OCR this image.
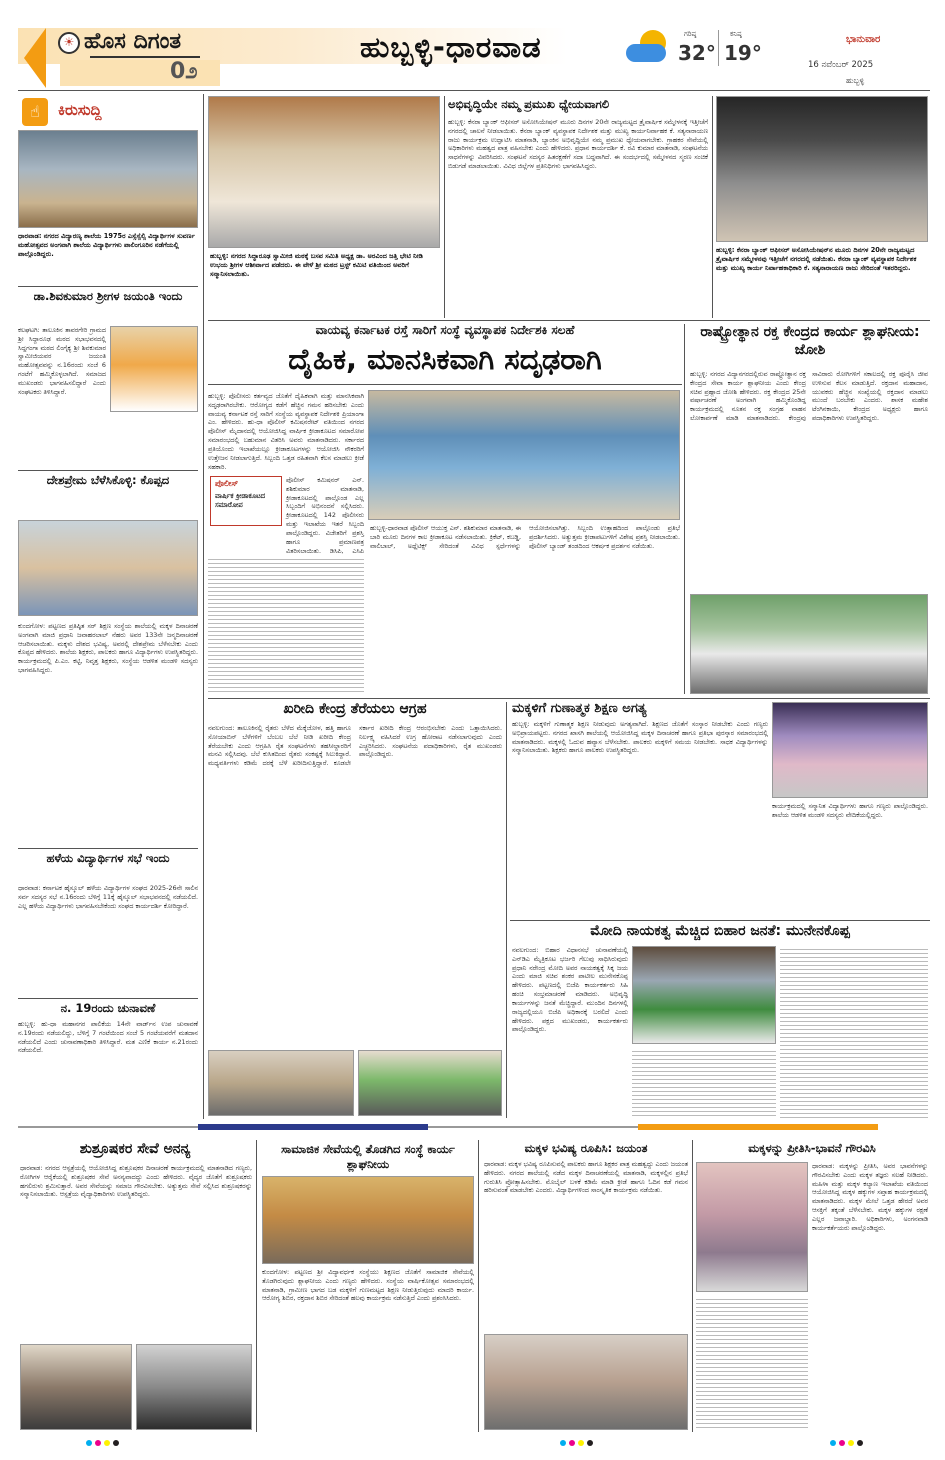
☀ ಹೊಸ ದಿಗಂತ
0೨
ಹುಬ್ಬಳ್ಳಿ-ಧಾರವಾಡ	ಗರಿಷ್ಠ
32°
ಕನಿಷ್ಠ
19°
ಭಾನುವಾರ
16 ನವೆಂಬರ್ 2025
ಹುಬ್ಬಳ್ಳಿ
☝	ಕಿರುಸುದ್ದಿ
ಧಾರವಾಡ: ನಗರದ ವಿದ್ಯಾರಣ್ಯ ಶಾಲೆಯ 1975ರ ಎಸ್ಸೆಸ್ಸೆಲ್ಸಿ ವಿದ್ಯಾರ್ಥಿಗಳ ಸುವರ್ಣ ಮಹೋತ್ಸವದ ಅಂಗವಾಗಿ ಶಾಲೆಯ ವಿದ್ಯಾರ್ಥಿಗಳು ಪಾಲಿಂಗೂರಿನ ನಡೆಗೆಯಲ್ಲಿ ಪಾಲ್ಗೊಂಡಿದ್ದರು.
ಡಾ.ಶಿವಕುಮಾರ ಶ್ರೀಗಳ ಜಯಂತಿ ಇಂದು
ಕಲಘಟಗಿ: ತಾಲೂಕಿನ ತಾವರಗೇರಿ ಗ್ರಾಮದ ಶ್ರೀ ಸಿದ್ದಾರೂಢ ಮಠದ ಸಭಾಭವನದಲ್ಲಿ ಸಿದ್ದಗಂಗಾ ಮಠದ ಲಿಂಗೈಕ್ಯ ಶ್ರೀ ಶಿವಕುಮಾರ ಸ್ವಾಮೀಜಿಯವರ ಜಯಂತಿ ಮಹೋತ್ಸವವನ್ನು ನ.16ರಂದು ಸಂಜೆ 6 ಗಂಟೆಗೆ ಹಮ್ಮಿಕೊಳ್ಳಲಾಗಿದೆ. ಸಮಾಜದ ಮುಖಂಡರು ಭಾಗವಹಿಸಲಿದ್ದಾರೆ ಎಂದು ಸಂಘಟಕರು ತಿಳಿಸಿದ್ದಾರೆ.
ದೇಶಪ್ರೇಮ ಬೆಳೆಸಿಕೊಳ್ಳಿ: ಕೊಪ್ಪದ
ಕುಂದಗೋಳ: ಪಟ್ಟಣದ ಪ್ರತಿಷ್ಠಿತ ಸರ್ ಶಿಕ್ಷಣ ಸಂಸ್ಥೆಯ ಶಾಲೆಯಲ್ಲಿ ಮಕ್ಕಳ ದಿನಾಚರಣೆ ಅಂಗವಾಗಿ ಮಾಜಿ ಪ್ರಧಾನಿ ಜವಾಹರಲಾಲ್ ನೆಹರು ಅವರ 133ನೇ ಜನ್ಮದಿನಾಚರಣೆ ಆಚರಿಸಲಾಯಿತು. ಮಕ್ಕಳು ದೇಶದ ಭವಿಷ್ಯ, ಅವರಲ್ಲಿ ದೇಶಪ್ರೇಮ ಬೆಳೆಸಬೇಕು ಎಂದು ಕೊಪ್ಪದ ಹೇಳಿದರು. ಶಾಲೆಯ ಶಿಕ್ಷಕರು, ಪಾಲಕರು ಹಾಗೂ ವಿದ್ಯಾರ್ಥಿಗಳು ಉಪಸ್ಥಿತರಿದ್ದರು. ಕಾರ್ಯಕ್ರಮದಲ್ಲಿ ಪಿ.ಎಂ. ಕಟ್ಟಿ, ನಿವೃತ್ತ ಶಿಕ್ಷಕರು, ಸಂಸ್ಥೆಯ ಆಡಳಿತ ಮಂಡಳಿ ಸದಸ್ಯರು ಭಾಗವಹಿಸಿದ್ದರು.
ಹಳೆಯ ವಿದ್ಯಾರ್ಥಿಗಳ ಸಭೆ ಇಂದು
ಧಾರವಾಡ: ಕರ್ನಾಟಕ ಹೈಸ್ಕೂಲ್ ಹಳೆಯ ವಿದ್ಯಾರ್ಥಿಗಳ ಸಂಘದ 2025-26ನೇ ಸಾಲಿನ ಸರ್ವ ಸದಸ್ಯರ ಸಭೆ ನ.16ರಂದು ಬೆಳಿಗ್ಗೆ 11ಕ್ಕೆ ಹೈಸ್ಕೂಲ್ ಸಭಾಭವನದಲ್ಲಿ ನಡೆಯಲಿದೆ. ಎಲ್ಲ ಹಳೆಯ ವಿದ್ಯಾರ್ಥಿಗಳು ಭಾಗವಹಿಸಬೇಕೆಂದು ಸಂಘದ ಕಾರ್ಯದರ್ಶಿ ಕೋರಿದ್ದಾರೆ.
ನ. 19ರಂದು ಚುನಾವಣೆ
ಹುಬ್ಬಳ್ಳಿ: ಹು-ಧಾ ಮಹಾನಗರ ಪಾಲಿಕೆಯ 14ನೇ ವಾರ್ಡ್‌ನ ಉಪ ಚುನಾವಣೆ ನ.19ರಂದು ನಡೆಯಲಿದ್ದು, ಬೆಳಿಗ್ಗೆ 7 ಗಂಟೆಯಿಂದ ಸಂಜೆ 5 ಗಂಟೆಯವರೆಗೆ ಮತದಾನ ನಡೆಯಲಿದೆ ಎಂದು ಚುನಾವಣಾಧಿಕಾರಿ ತಿಳಿಸಿದ್ದಾರೆ. ಮತ ಎಣಿಕೆ ಕಾರ್ಯ ನ.21ರಂದು ನಡೆಯಲಿದೆ.
ಹುಬ್ಬಳ್ಳಿ: ನಗರದ ಸಿದ್ಧಾರೂಢ ಸ್ವಾಮೀಜಿ ಮಠಕ್ಕೆ ಬಸವ ಸಮಿತಿ ಅಧ್ಯಕ್ಷ ಡಾ. ಅರವಿಂದ ಜತ್ತಿ ಭೇಟಿ ನೀಡಿ ಉಭಯ ಶ್ರೀಗಳ ಆಶೀರ್ವಾದ ಪಡೆದರು. ಈ ವೇಳೆ ಶ್ರೀ ಮಠದ ಟ್ರಸ್ಟ್ ಕಮಿಟಿ ವತಿಯಿಂದ ಅವರಿಗೆ ಸನ್ಮಾನಿಸಲಾಯಿತು.
ಅಭಿವೃದ್ಧಿಯೇ ನಮ್ಮ ಪ್ರಮುಖ ಧ್ಯೇಯವಾಗಲಿ
ಹುಬ್ಬಳ್ಳಿ: ಕೆನರಾ ಬ್ಯಾಂಕ್ ಆಫೀಸರ್ ಅಸೋಸಿಯೇಷನ್ ಮೂರು ದಿನಗಳ 20ನೇ ರಾಜ್ಯಮಟ್ಟದ ತ್ರೈವಾರ್ಷಿಕ ಸಮ್ಮೇಳನಕ್ಕೆ ಇತ್ತೀಚೆಗೆ ನಗರದಲ್ಲಿ ಚಾಲನೆ ನೀಡಲಾಯಿತು. ಕೆನರಾ ಬ್ಯಾಂಕ್ ವ್ಯವಸ್ಥಾಪಕ ನಿರ್ದೇಶಕ ಮತ್ತು ಮುಖ್ಯ ಕಾರ್ಯನಿರ್ವಾಹಕ ಕೆ. ಸತ್ಯನಾರಾಯಣ ರಾಜು ಕಾರ್ಯಕ್ರಮ ಉದ್ಘಾಟಿಸಿ ಮಾತನಾಡಿ, ಬ್ಯಾಂಕಿನ ಅಭಿವೃದ್ಧಿಯೇ ನಮ್ಮ ಪ್ರಮುಖ ಧ್ಯೇಯವಾಗಬೇಕು. ಗ್ರಾಹಕರ ಸೇವೆಯಲ್ಲಿ ಅಧಿಕಾರಿಗಳು ಮಹತ್ವದ ಪಾತ್ರ ವಹಿಸಬೇಕು ಎಂದು ಹೇಳಿದರು. ಪ್ರಧಾನ ಕಾರ್ಯದರ್ಶಿ ಕೆ. ರವಿ ಕುಮಾರ ಮಾತನಾಡಿ, ಸಂಘಟನೆಯ ಸಾಧನೆಗಳನ್ನು ವಿವರಿಸಿದರು. ಸಂಘಟನೆ ಸದಸ್ಯರ ಹಿತರಕ್ಷಣೆಗೆ ಸದಾ ಬದ್ಧವಾಗಿದೆ. ಈ ಸಂದರ್ಭದಲ್ಲಿ ಸಮ್ಮೇಳನದ ಸ್ಮರಣ ಸಂಚಿಕೆ ಬಿಡುಗಡೆ ಮಾಡಲಾಯಿತು. ವಿವಿಧ ಜಿಲ್ಲೆಗಳ ಪ್ರತಿನಿಧಿಗಳು ಭಾಗವಹಿಸಿದ್ದರು.
ಹುಬ್ಬಳ್ಳಿ: ಕೆನರಾ ಬ್ಯಾಂಕ್ ಆಫೀಸರ್ ಅಸೋಸಿಯೇಷನ್‌ನ ಮೂರು ದಿನಗಳ 20ನೇ ರಾಜ್ಯಮಟ್ಟದ ತ್ರೈವಾರ್ಷಿಕ ಸಮ್ಮೇಳನವು ಇತ್ತೀಚೆಗೆ ನಗರದಲ್ಲಿ ನಡೆಯಿತು. ಕೆನರಾ ಬ್ಯಾಂಕ್ ವ್ಯವಸ್ಥಾಪಕ ನಿರ್ದೇಶಕ ಮತ್ತು ಮುಖ್ಯ ಕಾರ್ಯ ನಿರ್ವಾಹಕಾಧಿಕಾರಿ ಕೆ. ಸತ್ಯನಾರಾಯಣ ರಾಜು ಸೇರಿದಂತೆ ಇತರರಿದ್ದರು.
ವಾಯವ್ಯ ಕರ್ನಾಟಕ ರಸ್ತೆ ಸಾರಿಗೆ ಸಂಸ್ಥೆ ವ್ಯವಸ್ಥಾಪಕ ನಿರ್ದೇಶಕಿ ಸಲಹೆ
ದೈಹಿಕ, ಮಾನಸಿಕವಾಗಿ ಸದೃಢರಾಗಿ
ಹುಬ್ಬಳ್ಳಿ: ಪೊಲೀಸರು ಕರ್ತವ್ಯದ ಜೊತೆಗೆ ದೈಹಿಕವಾಗಿ ಮತ್ತು ಮಾನಸಿಕವಾಗಿ ಸದೃಢರಾಗಿರಬೇಕು. ಆರೋಗ್ಯದ ಕಡೆಗೆ ಹೆಚ್ಚಿನ ಗಮನ ಹರಿಸಬೇಕು ಎಂದು ವಾಯವ್ಯ ಕರ್ನಾಟಕ ರಸ್ತೆ ಸಾರಿಗೆ ಸಂಸ್ಥೆಯ ವ್ಯವಸ್ಥಾಪಕ ನಿರ್ದೇಶಕಿ ಪ್ರಿಯಾಂಗಾ ಎಂ. ಹೇಳಿದರು. ಹು-ಧಾ ಪೊಲೀಸ್ ಕಮಿಷನರೇಟ್ ವತಿಯಿಂದ ನಗರದ ಪೊಲೀಸ್ ಮೈದಾನದಲ್ಲಿ ಆಯೋಜಿಸಿದ್ದ ವಾರ್ಷಿಕ ಕ್ರೀಡಾಕೂಟದ ಸಮಾರೋಪ ಸಮಾರಂಭದಲ್ಲಿ ಬಹುಮಾನ ವಿತರಿಸಿ ಅವರು ಮಾತನಾಡಿದರು. ಸರ್ಕಾರದ ಪ್ರತಿಯೊಂದು ಇಲಾಖೆಯಲ್ಲೂ ಕ್ರೀಡಾಕೂಟಗಳನ್ನು ಆಯೋಜಿಸಿ ನೌಕರರಿಗೆ ಉತ್ತೇಜನ ನೀಡಲಾಗುತ್ತಿದೆ. ಸಿಬ್ಬಂದಿ ಒತ್ತಡ ರಹಿತವಾಗಿ ಕೆಲಸ ಮಾಡಲು ಕ್ರೀಡೆ ಸಹಕಾರಿ.
ಪೊಲೀಸ್
ವಾರ್ಷಿಕ ಕ್ರೀಡಾಕೂಟದ ಸಮಾರೋಪ
ಪೊಲೀಸ್ ಕಮಿಷನರ್ ಎನ್. ಶಶಿಕುಮಾರ ಮಾತನಾಡಿ, ಕ್ರೀಡಾಕೂಟದಲ್ಲಿ ಪಾಲ್ಗೊಂಡ ಎಲ್ಲ ಸಿಬ್ಬಂದಿಗೆ ಅಭಿನಂದನೆ ಸಲ್ಲಿಸಿದರು. ಕ್ರೀಡಾಕೂಟದಲ್ಲಿ 142 ಪೊಲೀಸರು ಮತ್ತು ಇಲಾಖೆಯ ಇತರೆ ಸಿಬ್ಬಂದಿ ಪಾಲ್ಗೊಂಡಿದ್ದರು. ವಿಜೇತರಿಗೆ ಪ್ರಶಸ್ತಿ ಹಾಗೂ ಪ್ರಮಾಣಪತ್ರ ವಿತರಿಸಲಾಯಿತು. ಡಿಸಿಪಿ, ಎಸಿಪಿ
ಹುಬ್ಬಳ್ಳಿ-ಧಾರವಾಡ ಪೊಲೀಸ್ ಆಯುಕ್ತ ಎನ್. ಶಶಿಕುಮಾರ ಮಾತನಾಡಿ, ಈ ಬಾರಿ ಮೂರು ದಿನಗಳ ಕಾಲ ಕ್ರೀಡಾಕೂಟ ನಡೆಸಲಾಯಿತು. ಕ್ರಿಕೆಟ್, ಕಬಡ್ಡಿ, ವಾಲಿಬಾಲ್, ಅಥ್ಲೆಟಿಕ್ಸ್ ಸೇರಿದಂತೆ ವಿವಿಧ ಸ್ಪರ್ಧೆಗಳನ್ನು ಆಯೋಜಿಸಲಾಗಿತ್ತು. ಸಿಬ್ಬಂದಿ ಉತ್ಸಾಹದಿಂದ ಪಾಲ್ಗೊಂಡು ಪ್ರತಿಭೆ ಪ್ರದರ್ಶಿಸಿದರು. ಅತ್ಯುತ್ತಮ ಕ್ರೀಡಾಪಟುಗಳಿಗೆ ವಿಶೇಷ ಪ್ರಶಸ್ತಿ ನೀಡಲಾಯಿತು. ಪೊಲೀಸ್ ಬ್ಯಾಂಡ್ ತಂಡದಿಂದ ಆಕರ್ಷಕ ಪ್ರದರ್ಶನ ನಡೆಯಿತು.
ರಾಷ್ಟ್ರೋತ್ಥಾನ ರಕ್ತ ಕೇಂದ್ರದ ಕಾರ್ಯ ಶ್ಲಾಘನೀಯ: ಜೋಶಿ
ಹುಬ್ಬಳ್ಳಿ: ನಗರದ ವಿದ್ಯಾನಗರದಲ್ಲಿರುವ ರಾಷ್ಟ್ರೋತ್ಥಾನ ರಕ್ತ ಕೇಂದ್ರದ ಸೇವಾ ಕಾರ್ಯ ಶ್ಲಾಘನೀಯ ಎಂದು ಕೇಂದ್ರ ಸಚಿವ ಪ್ರಹ್ಲಾದ ಜೋಶಿ ಹೇಳಿದರು. ರಕ್ತ ಕೇಂದ್ರದ 25ನೇ ವರ್ಷಾಚರಣೆ ಅಂಗವಾಗಿ ಹಮ್ಮಿಕೊಂಡಿದ್ದ ಕಾರ್ಯಕ್ರಮದಲ್ಲಿ ನೂತನ ರಕ್ತ ಸಂಗ್ರಹ ವಾಹನ ಲೋಕಾರ್ಪಣೆ ಮಾಡಿ ಮಾತನಾಡಿದರು. ಕೇಂದ್ರವು ಸಾವಿರಾರು ರೋಗಿಗಳಿಗೆ ಸಕಾಲದಲ್ಲಿ ರಕ್ತ ಪೂರೈಸಿ ಜೀವ ಉಳಿಸುವ ಕೆಲಸ ಮಾಡುತ್ತಿದೆ. ರಕ್ತದಾನ ಮಹಾದಾನ, ಯುವಕರು ಹೆಚ್ಚಿನ ಸಂಖ್ಯೆಯಲ್ಲಿ ರಕ್ತದಾನ ಮಾಡಲು ಮುಂದೆ ಬರಬೇಕು ಎಂದರು. ಶಾಸಕ ಮಹೇಶ ಟೆಂಗಿನಕಾಯಿ, ಕೇಂದ್ರದ ಅಧ್ಯಕ್ಷರು ಹಾಗೂ ಪದಾಧಿಕಾರಿಗಳು ಉಪಸ್ಥಿತರಿದ್ದರು.
ಖರೀದಿ ಕೇಂದ್ರ ತೆರೆಯಲು ಆಗ್ರಹ
ನವಲಗುಂದ: ತಾಲೂಕಿನಲ್ಲಿ ರೈತರು ಬೆಳೆದ ಮೆಕ್ಕೆಜೋಳ, ಹತ್ತಿ ಹಾಗೂ ಸೋಯಾಬಿನ್ ಬೆಳೆಗಳಿಗೆ ಬೆಂಬಲ ಬೆಲೆ ನೀಡಿ ಖರೀದಿ ಕೇಂದ್ರ ತೆರೆಯಬೇಕು ಎಂದು ಆಗ್ರಹಿಸಿ ರೈತ ಸಂಘಟನೆಗಳು ತಹಸೀಲ್ದಾರರಿಗೆ ಮನವಿ ಸಲ್ಲಿಸಿದವು. ಬೆಲೆ ಕುಸಿತದಿಂದ ರೈತರು ಸಂಕಷ್ಟಕ್ಕೆ ಸಿಲುಕಿದ್ದಾರೆ. ಮಧ್ಯವರ್ತಿಗಳು ಕಡಿಮೆ ದರಕ್ಕೆ ಬೆಳೆ ಖರೀದಿಸುತ್ತಿದ್ದಾರೆ. ಕೂಡಲೇ ಸರ್ಕಾರ ಖರೀದಿ ಕೇಂದ್ರ ಆರಂಭಿಸಬೇಕು ಎಂದು ಒತ್ತಾಯಿಸಿದರು. ನಿರ್ಲಕ್ಷ್ಯ ವಹಿಸಿದರೆ ಉಗ್ರ ಹೋರಾಟ ನಡೆಸಲಾಗುವುದು ಎಂದು ಎಚ್ಚರಿಸಿದರು. ಸಂಘಟನೆಯ ಪದಾಧಿಕಾರಿಗಳು, ರೈತ ಮುಖಂಡರು ಪಾಲ್ಗೊಂಡಿದ್ದರು.
ಮಕ್ಕಳಿಗೆ ಗುಣಾತ್ಮಕ ಶಿಕ್ಷಣ ಅಗತ್ಯ
ಹುಬ್ಬಳ್ಳಿ: ಮಕ್ಕಳಿಗೆ ಗುಣಾತ್ಮಕ ಶಿಕ್ಷಣ ನೀಡುವುದು ಅಗತ್ಯವಾಗಿದೆ. ಶಿಕ್ಷಣದ ಜೊತೆಗೆ ಸಂಸ್ಕಾರ ನೀಡಬೇಕು ಎಂದು ಗಣ್ಯರು ಅಭಿಪ್ರಾಯಪಟ್ಟರು. ನಗರದ ಖಾಸಗಿ ಶಾಲೆಯಲ್ಲಿ ಆಯೋಜಿಸಿದ್ದ ಮಕ್ಕಳ ದಿನಾಚರಣೆ ಹಾಗೂ ಪ್ರತಿಭಾ ಪುರಸ್ಕಾರ ಸಮಾರಂಭದಲ್ಲಿ ಮಾತನಾಡಿದರು. ಮಕ್ಕಳಲ್ಲಿ ಓದುವ ಹವ್ಯಾಸ ಬೆಳೆಸಬೇಕು. ಪಾಲಕರು ಮಕ್ಕಳಿಗೆ ಸಮಯ ನೀಡಬೇಕು. ಸಾಧಕ ವಿದ್ಯಾರ್ಥಿಗಳನ್ನು ಸನ್ಮಾನಿಸಲಾಯಿತು. ಶಿಕ್ಷಕರು ಹಾಗೂ ಪಾಲಕರು ಉಪಸ್ಥಿತರಿದ್ದರು.
ಕಾರ್ಯಕ್ರಮದಲ್ಲಿ ಸನ್ಮಾನಿತ ವಿದ್ಯಾರ್ಥಿಗಳು ಹಾಗೂ ಗಣ್ಯರು ಪಾಲ್ಗೊಂಡಿದ್ದರು. ಶಾಲೆಯ ಆಡಳಿತ ಮಂಡಳಿ ಸದಸ್ಯರು ವೇದಿಕೆಯಲ್ಲಿದ್ದರು.
ಮೋದಿ ನಾಯಕತ್ವ ಮೆಚ್ಚಿದ ಬಿಹಾರ ಜನತೆ: ಮುನೇನಕೊಪ್ಪ
ನವಲಗುಂದ: ಬಿಹಾರ ವಿಧಾನಸಭೆ ಚುನಾವಣೆಯಲ್ಲಿ ಎನ್‌ಡಿಎ ಮೈತ್ರಿಕೂಟ ಭರ್ಜರಿ ಗೆಲುವು ಸಾಧಿಸಿರುವುದು ಪ್ರಧಾನಿ ನರೇಂದ್ರ ಮೋದಿ ಅವರ ನಾಯಕತ್ವಕ್ಕೆ ಸಿಕ್ಕ ಜಯ ಎಂದು ಮಾಜಿ ಸಚಿವ ಶಂಕರ ಪಾಟೀಲ ಮುನೇನಕೊಪ್ಪ ಹೇಳಿದರು. ಪಟ್ಟಣದಲ್ಲಿ ಬಿಜೆಪಿ ಕಾರ್ಯಕರ್ತರು ಸಿಹಿ ಹಂಚಿ ಸಂಭ್ರಮಾಚರಣೆ ಮಾಡಿದರು. ಅಭಿವೃದ್ಧಿ ಕಾರ್ಯಗಳನ್ನು ಜನತೆ ಮೆಚ್ಚಿದ್ದಾರೆ. ಮುಂದಿನ ದಿನಗಳಲ್ಲಿ ರಾಜ್ಯದಲ್ಲಿಯೂ ಬಿಜೆಪಿ ಅಧಿಕಾರಕ್ಕೆ ಬರಲಿದೆ ಎಂದು ಹೇಳಿದರು. ಪಕ್ಷದ ಮುಖಂಡರು, ಕಾರ್ಯಕರ್ತರು ಪಾಲ್ಗೊಂಡಿದ್ದರು.
ಶುಶ್ರೂಷಕರ ಸೇವೆ ಅನನ್ಯ
ಧಾರವಾಡ: ನಗರದ ಆಸ್ಪತ್ರೆಯಲ್ಲಿ ಆಯೋಜಿಸಿದ್ದ ಶುಶ್ರೂಷಕರ ದಿನಾಚರಣೆ ಕಾರ್ಯಕ್ರಮದಲ್ಲಿ ಮಾತನಾಡಿದ ಗಣ್ಯರು, ರೋಗಿಗಳ ಆರೈಕೆಯಲ್ಲಿ ಶುಶ್ರೂಷಕರ ಸೇವೆ ಅನನ್ಯವಾದದ್ದು ಎಂದು ಹೇಳಿದರು. ವೈದ್ಯರ ಜೊತೆಗೆ ಶುಶ್ರೂಷಕರು ಹಗಲಿರುಳು ಶ್ರಮಿಸುತ್ತಾರೆ. ಅವರ ಸೇವೆಯನ್ನು ಸಮಾಜ ಗೌರವಿಸಬೇಕು. ಅತ್ಯುತ್ತಮ ಸೇವೆ ಸಲ್ಲಿಸಿದ ಶುಶ್ರೂಷಕರನ್ನು ಸನ್ಮಾನಿಸಲಾಯಿತು. ಆಸ್ಪತ್ರೆಯ ವೈದ್ಯಾಧಿಕಾರಿಗಳು ಉಪಸ್ಥಿತರಿದ್ದರು.
ಸಾಮಾಜಿಕ ಸೇವೆಯಲ್ಲಿ ತೊಡಗಿದ ಸಂಸ್ಥೆ ಕಾರ್ಯ ಶ್ಲಾಘನೀಯ
ಕುಂದಗೋಳ: ಪಟ್ಟಣದ ಶ್ರೀ ವಿದ್ಯಾವರ್ಧಕ ಸಂಸ್ಥೆಯು ಶಿಕ್ಷಣದ ಜೊತೆಗೆ ಸಾಮಾಜಿಕ ಸೇವೆಯಲ್ಲಿ ತೊಡಗಿರುವುದು ಶ್ಲಾಘನೀಯ ಎಂದು ಗಣ್ಯರು ಹೇಳಿದರು. ಸಂಸ್ಥೆಯ ವಾರ್ಷಿಕೋತ್ಸವ ಸಮಾರಂಭದಲ್ಲಿ ಮಾತನಾಡಿ, ಗ್ರಾಮೀಣ ಭಾಗದ ಬಡ ಮಕ್ಕಳಿಗೆ ಗುಣಮಟ್ಟದ ಶಿಕ್ಷಣ ನೀಡುತ್ತಿರುವುದು ಮಾದರಿ ಕಾರ್ಯ. ಆರೋಗ್ಯ ಶಿಬಿರ, ರಕ್ತದಾನ ಶಿಬಿರ ಸೇರಿದಂತೆ ಹಲವು ಕಾರ್ಯಕ್ರಮ ನಡೆಸುತ್ತಿದೆ ಎಂದು ಪ್ರಶಂಸಿಸಿದರು.
ಮಕ್ಕಳ ಭವಿಷ್ಯ ರೂಪಿಸಿ: ಜಯಂತ
ಧಾರವಾಡ: ಮಕ್ಕಳ ಭವಿಷ್ಯ ರೂಪಿಸುವಲ್ಲಿ ಪಾಲಕರು ಹಾಗೂ ಶಿಕ್ಷಕರ ಪಾತ್ರ ಮಹತ್ವದ್ದು ಎಂದು ಜಯಂತ ಹೇಳಿದರು. ನಗರದ ಶಾಲೆಯಲ್ಲಿ ನಡೆದ ಮಕ್ಕಳ ದಿನಾಚರಣೆಯಲ್ಲಿ ಮಾತನಾಡಿ, ಮಕ್ಕಳಲ್ಲಿನ ಪ್ರತಿಭೆ ಗುರುತಿಸಿ ಪ್ರೋತ್ಸಾಹಿಸಬೇಕು. ಮೊಬೈಲ್ ಬಳಕೆ ಕಡಿಮೆ ಮಾಡಿ ಕ್ರೀಡೆ ಹಾಗೂ ಓದಿನ ಕಡೆ ಗಮನ ಹರಿಸುವಂತೆ ಮಾಡಬೇಕು ಎಂದರು. ವಿದ್ಯಾರ್ಥಿಗಳಿಂದ ಸಾಂಸ್ಕೃತಿಕ ಕಾರ್ಯಕ್ರಮ ನಡೆಯಿತು.
ಮಕ್ಕಳನ್ನು ಪ್ರೀತಿಸಿ-ಭಾವನೆ ಗೌರವಿಸಿ
ಧಾರವಾಡ: ಮಕ್ಕಳನ್ನು ಪ್ರೀತಿಸಿ, ಅವರ ಭಾವನೆಗಳನ್ನು ಗೌರವಿಸಬೇಕು ಎಂದು ಮಕ್ಕಳ ತಜ್ಞರು ಸಲಹೆ ನೀಡಿದರು. ಮಹಿಳಾ ಮತ್ತು ಮಕ್ಕಳ ಕಲ್ಯಾಣ ಇಲಾಖೆಯ ವತಿಯಿಂದ ಆಯೋಜಿಸಿದ್ದ ಮಕ್ಕಳ ಹಕ್ಕುಗಳ ಸಪ್ತಾಹ ಕಾರ್ಯಕ್ರಮದಲ್ಲಿ ಮಾತನಾಡಿದರು. ಮಕ್ಕಳ ಮೇಲೆ ಒತ್ತಡ ಹೇರದೆ ಅವರ ಆಸಕ್ತಿಗೆ ತಕ್ಕಂತೆ ಬೆಳೆಸಬೇಕು. ಮಕ್ಕಳ ಹಕ್ಕುಗಳ ರಕ್ಷಣೆ ಎಲ್ಲರ ಜವಾಬ್ದಾರಿ. ಅಧಿಕಾರಿಗಳು, ಅಂಗನವಾಡಿ ಕಾರ್ಯಕರ್ತೆಯರು ಪಾಲ್ಗೊಂಡಿದ್ದರು.
